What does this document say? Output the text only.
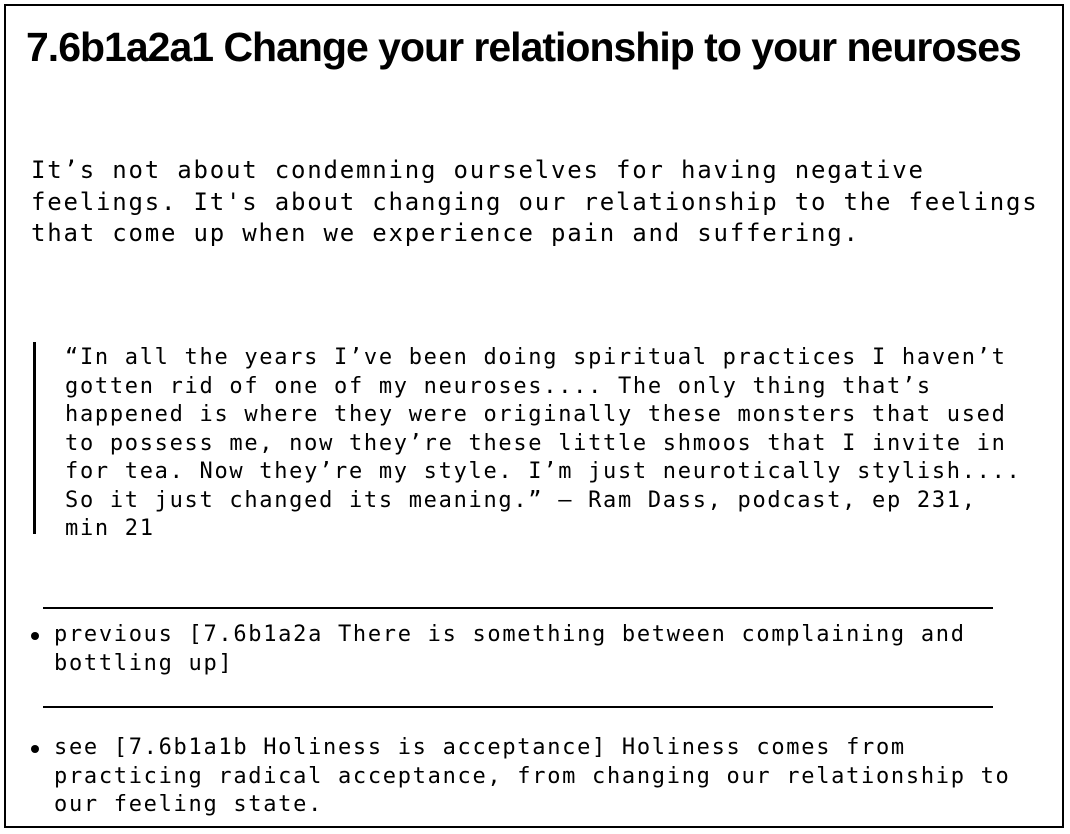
7.6b1a2a1 Change your relationship to your neuroses

It’s not about condemning ourselves for having negative feelings. It's about changing our relationship to the feelings that come up when we experience pain and suffering.

“In all the years I’ve been doing spiritual practices I haven’t gotten rid of one of my neuroses.... The only thing that’s happened is where they were originally these monsters that used to possess me, now they’re these little shmoos that I invite in for tea. Now they’re my style. I’m just neurotically stylish.... So it just changed its meaning.” — Ram Dass, podcast, ep 231, min 21

previous [7.6b1a2a There is something between complaining and bottling up]
see [7.6b1a1b Holiness is acceptance] Holiness comes from practicing radical acceptance, from changing our relationship to our feeling state.
